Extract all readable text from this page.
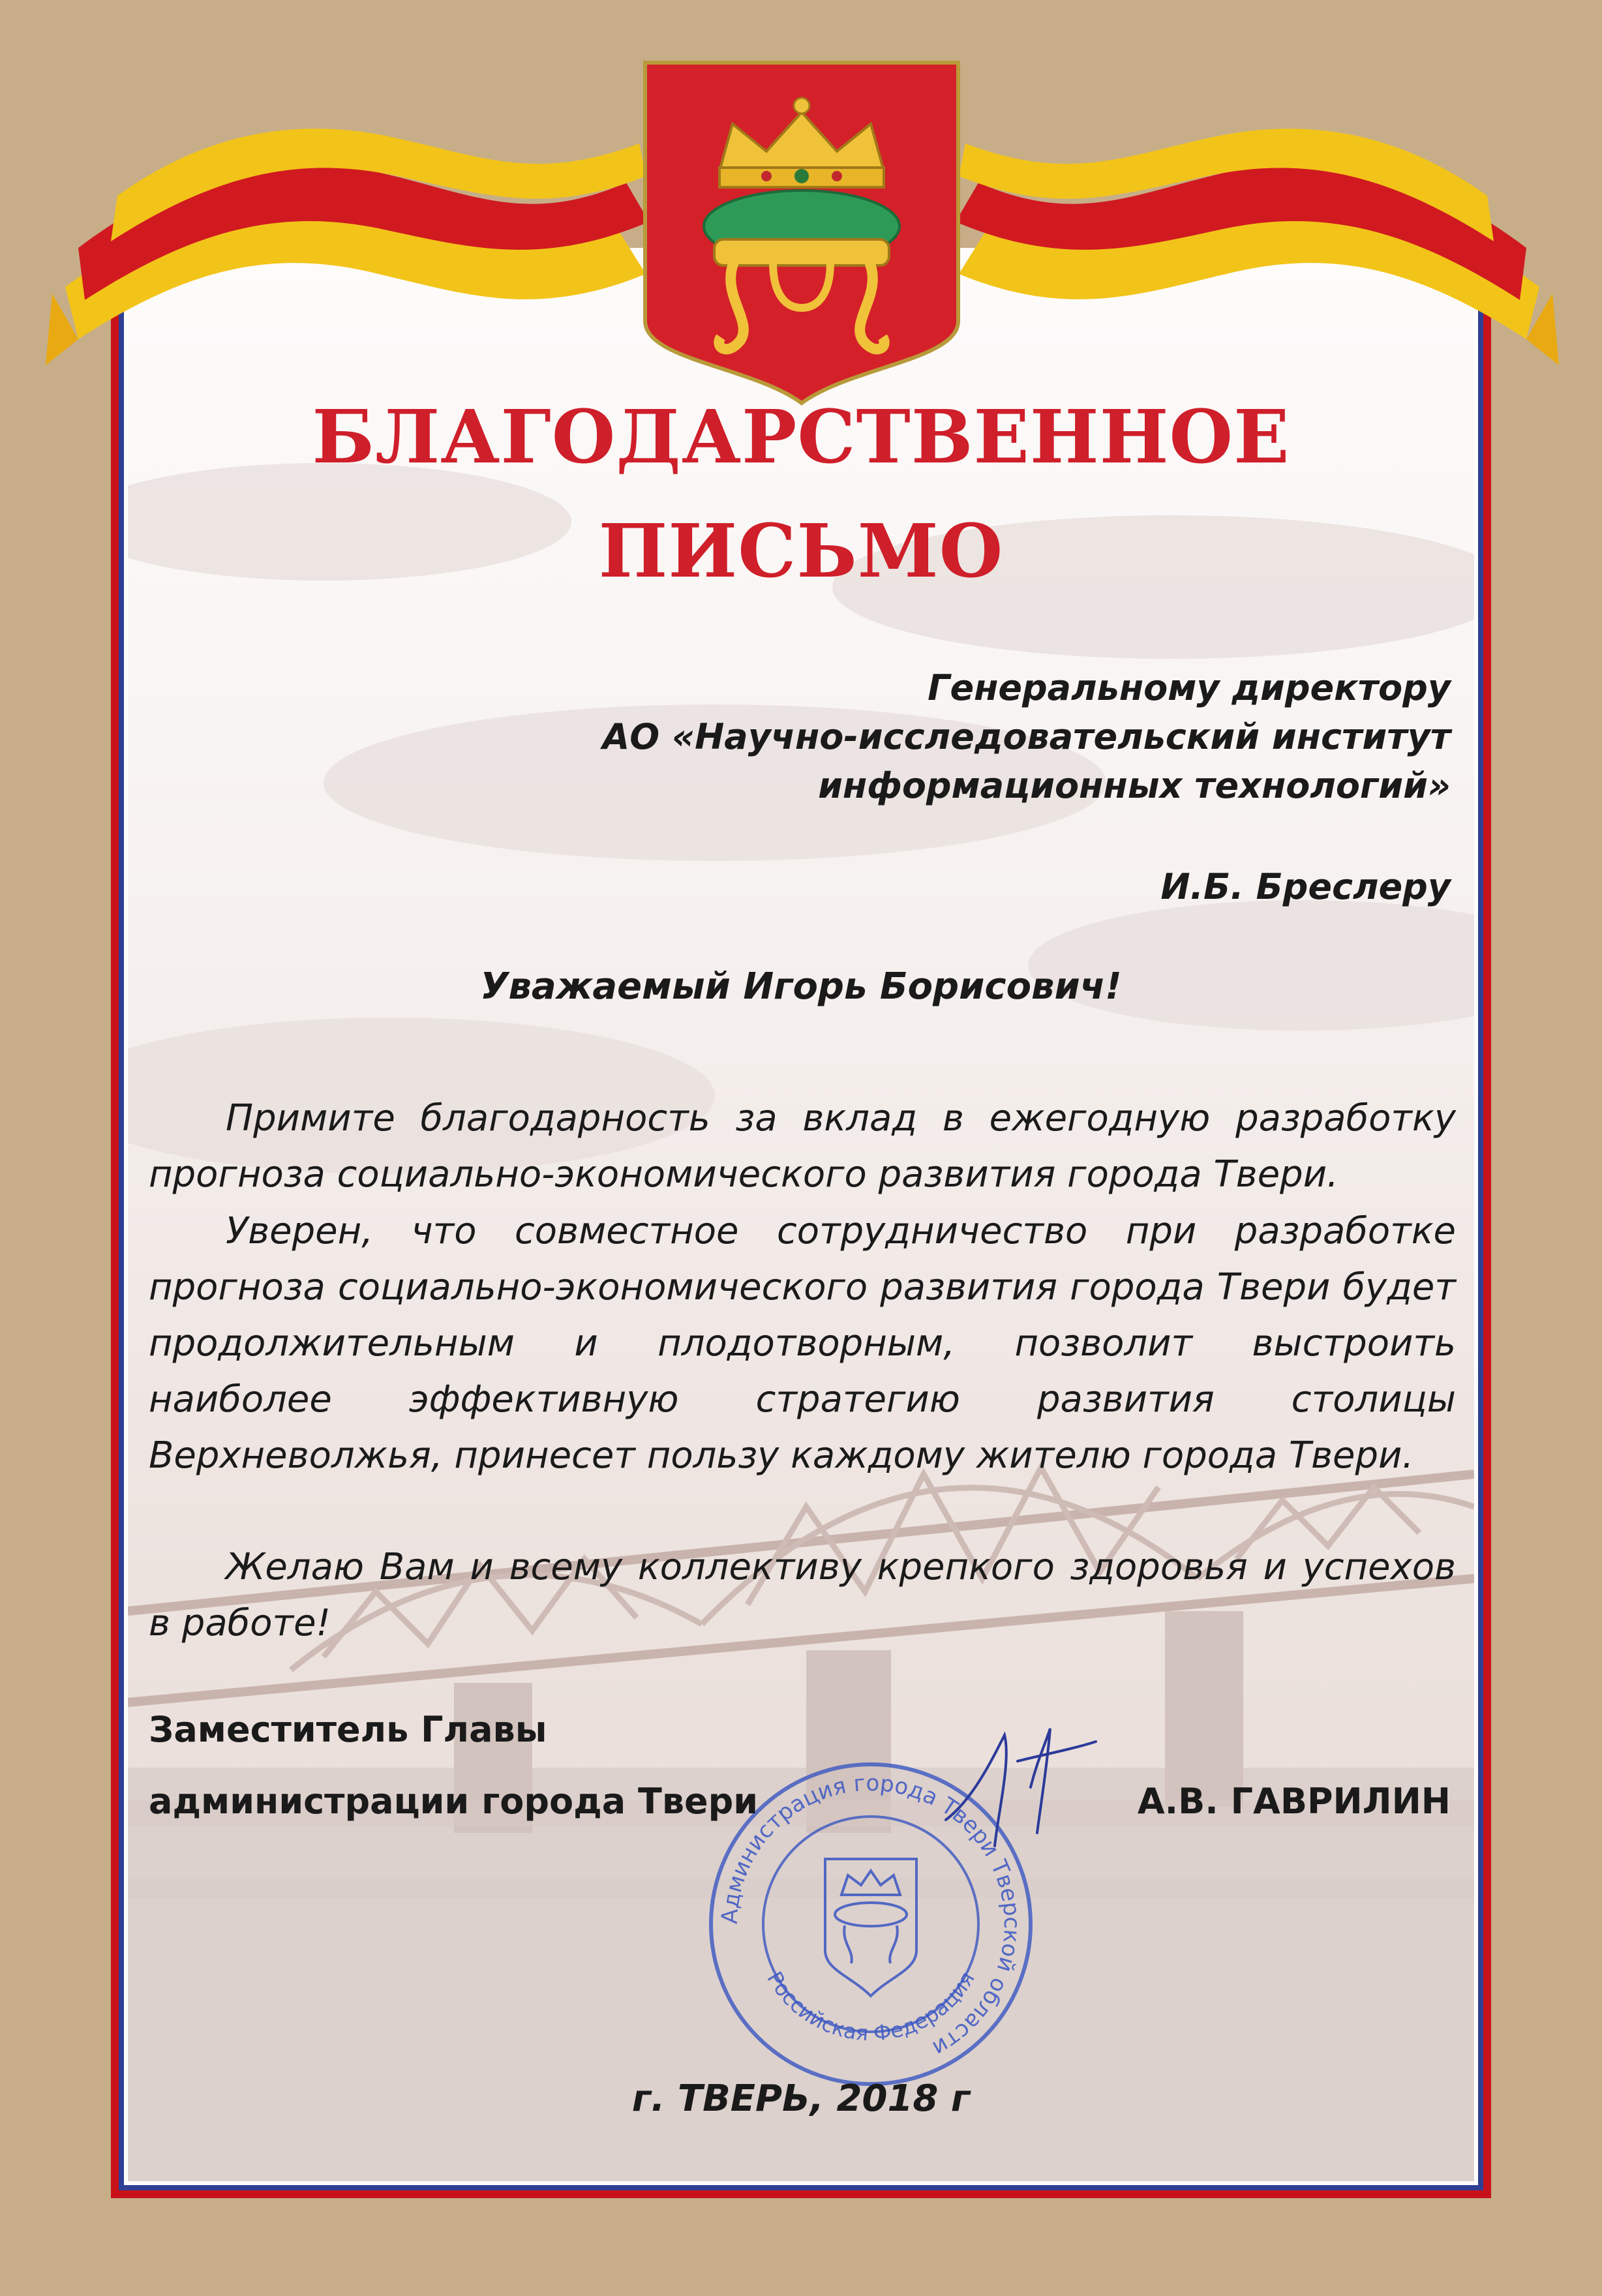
БЛАГОДАРСТВЕННОЕ
ПИСЬМО
Генеральному директору
АО «Научно-исследовательский институт
информационных технологий»
И.Б. Бреслеру
Уважаемый Игорь Борисович!
Примите благодарность за вклад в ежегодную разработку прогноза социально-экономического развития города Твери.
Уверен, что совместное сотрудничество при разработке прогноза социально-экономического развития города Твери будет продолжительным и плодотворным, позволит выстроить наиболее эффективную стратегию развития столицы Верхневолжья, принесет пользу каждому жителю города Твери.
Желаю Вам и всему коллективу крепкого здоровья и успехов в работе!
Администрация города Твери Тверской области
Российская Федерация
Заместитель Главы
администрации города Твери	А.В. ГАВРИЛИН
г. ТВЕРЬ, 2018 г
